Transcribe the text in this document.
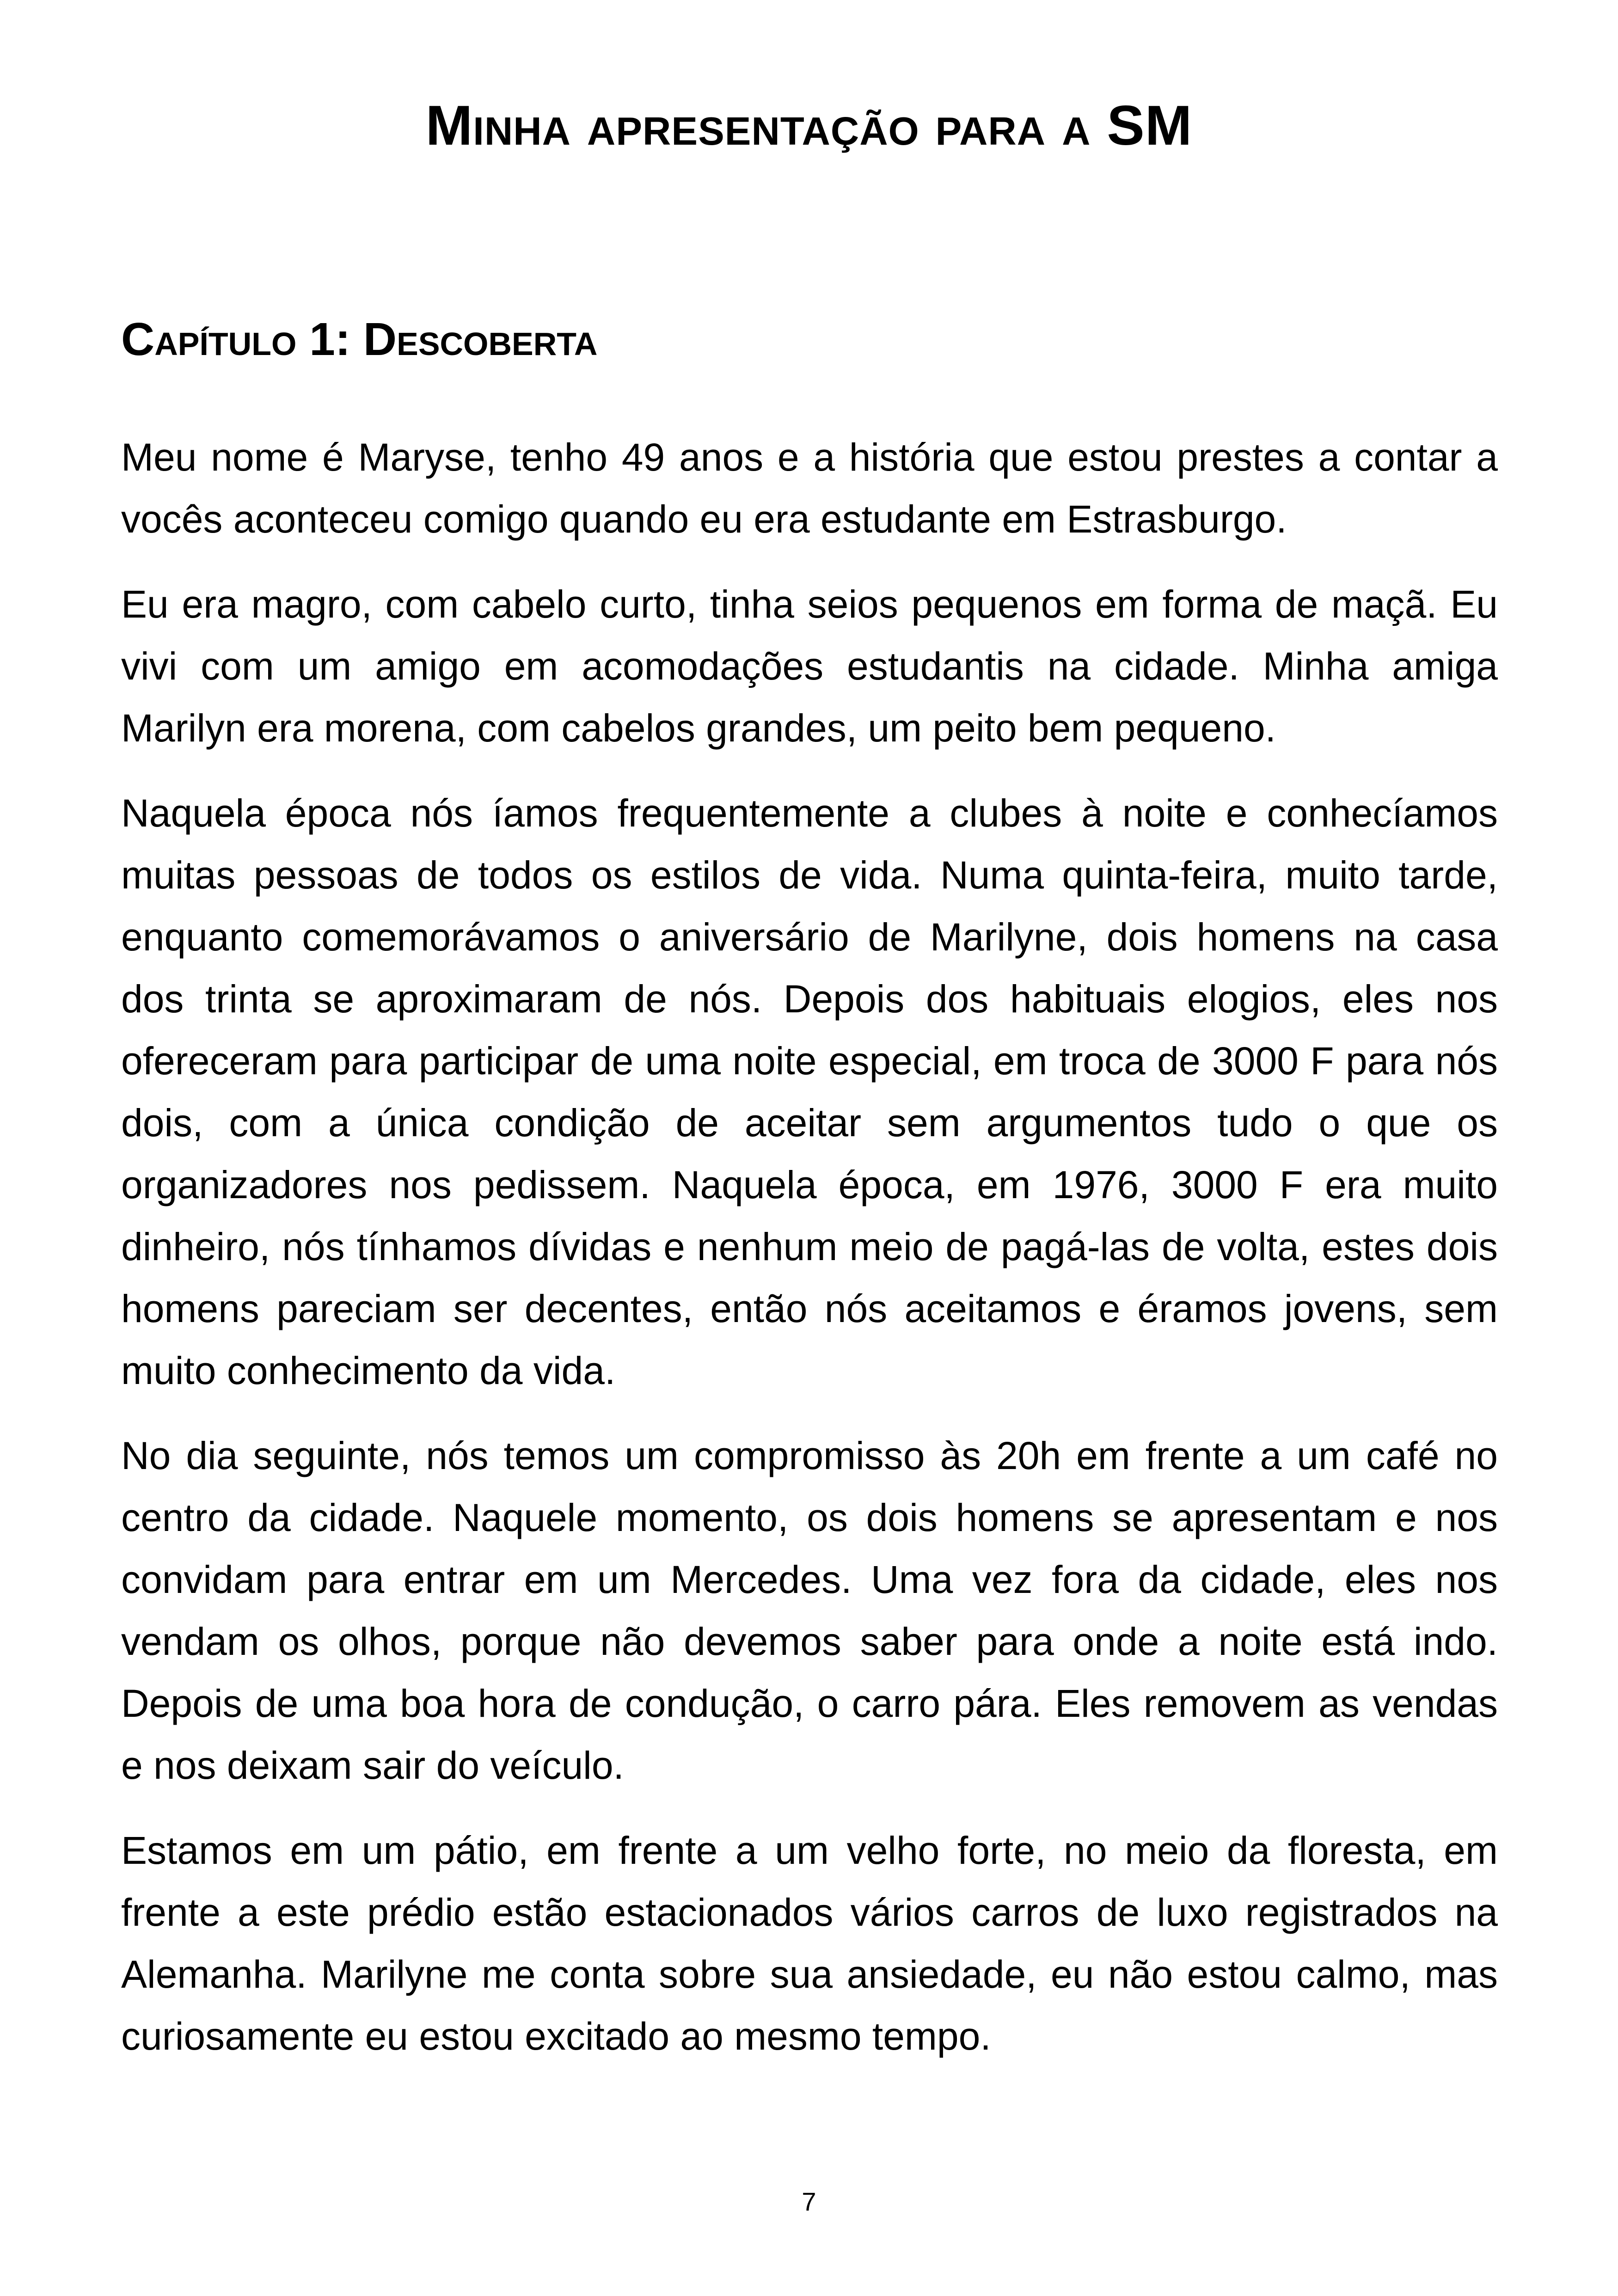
Minha apresentação para a SM
Capítulo 1: Descoberta

Meu nome é Maryse, tenho 49 anos e a história que estou prestes a contar a vocês aconteceu comigo quando eu era estudante em Estrasburgo.

Eu era magro, com cabelo curto, tinha seios pequenos em forma de maçã. Eu vivi com um amigo em acomodações estudantis na cidade. Minha amiga Marilyn era morena, com cabelos grandes, um peito bem pequeno.

Naquela época nós íamos frequentemente a clubes à noite e conhecíamos muitas pessoas de todos os estilos de vida. Numa quinta-feira, muito tarde, enquanto comemorávamos o aniversário de Marilyne, dois homens na casa dos trinta se aproximaram de nós. Depois dos habituais elogios, eles nos ofereceram para participar de uma noite especial, em troca de 3000 F para nós dois, com a única condição de aceitar sem argumentos tudo o que os organizadores nos pedissem. Naquela época, em 1976, 3000 F era muito dinheiro, nós tínhamos dívidas e nenhum meio de pagá-las de volta, estes dois homens pareciam ser decentes, então nós aceitamos e éramos jovens, sem muito conhecimento da vida.

No dia seguinte, nós temos um compromisso às 20h em frente a um café no centro da cidade. Naquele momento, os dois homens se apresentam e nos convidam para entrar em um Mercedes. Uma vez fora da cidade, eles nos vendam os olhos, porque não devemos saber para onde a noite está indo. Depois de uma boa hora de condução, o carro pára. Eles removem as vendas e nos deixam sair do veículo.

Estamos em um pátio, em frente a um velho forte, no meio da floresta, em frente a este prédio estão estacionados vários carros de luxo registrados na Alemanha. Marilyne me conta sobre sua ansiedade, eu não estou calmo, mas curiosamente eu estou excitado ao mesmo tempo.

7
